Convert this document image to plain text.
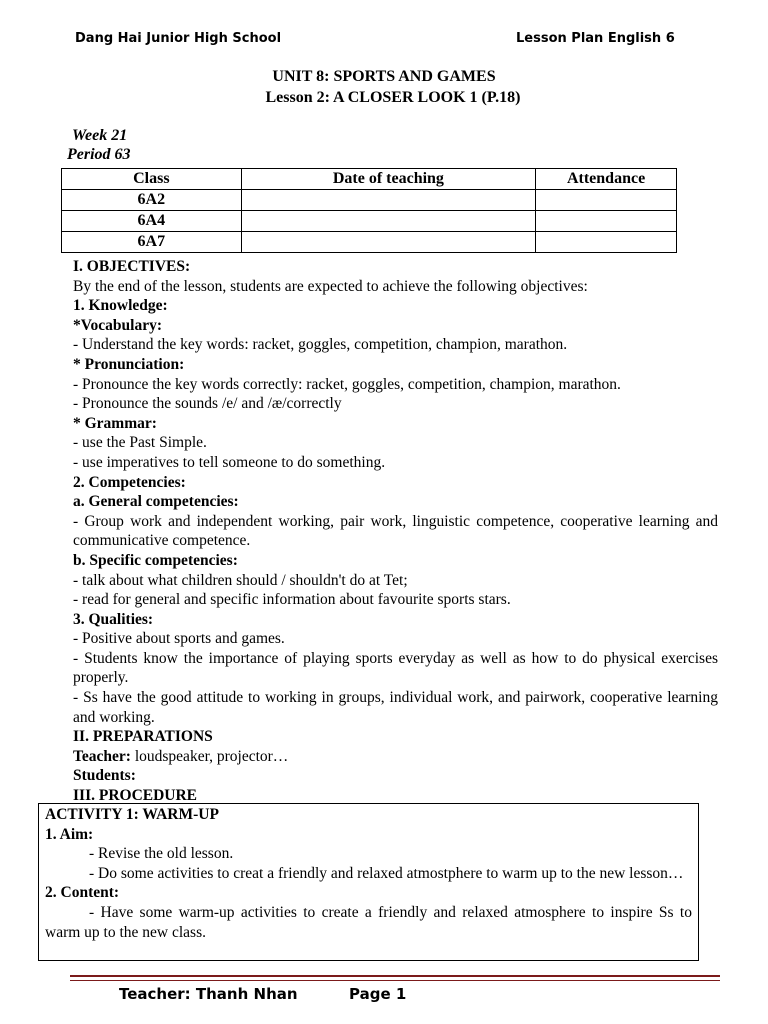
Dang Hai Junior High School	Lesson Plan English 6
UNIT 8: SPORTS AND GAMES
Lesson 2: A CLOSER LOOK 1 (P.18)
Week 21
Period 63
Class	Date of teaching	Attendance
6A2		
6A4		
6A7		

I. OBJECTIVES:

By the end of the lesson, students are expected to achieve the following objectives:

1. Knowledge:

*Vocabulary:

- Understand the key words: racket, goggles, competition, champion, marathon.

* Pronunciation:

- Pronounce the key words correctly: racket, goggles, competition, champion, marathon.

- Pronounce the sounds /e/ and /æ/correctly

* Grammar:

- use the Past Simple.

- use imperatives to tell someone to do something.

2. Competencies:

a. General competencies:

- Group work and independent working, pair work, linguistic competence, cooperative learning and communicative competence.

b. Specific competencies:

- talk about what children should / shouldn't do at Tet;

- read for general and specific information about favourite sports stars.

3. Qualities:

- Positive about sports and games.

- Students know the importance of playing sports everyday as well as how to do physical exercises properly.

- Ss have the good attitude to working in groups, individual work, and pairwork, cooperative learning and working.

II. PREPARATIONS

Teacher: loudspeaker, projector…

Students:

III. PROCEDURE

ACTIVITY 1: WARM-UP

1. Aim:

- Revise the old lesson.

- Do some activities to creat a friendly and relaxed atmostphere to warm up to the new lesson…

2. Content:

- Have some warm-up activities to create a friendly and relaxed atmosphere to inspire Ss to warm up to the new class.

Teacher: Thanh Nhan	Page 1
